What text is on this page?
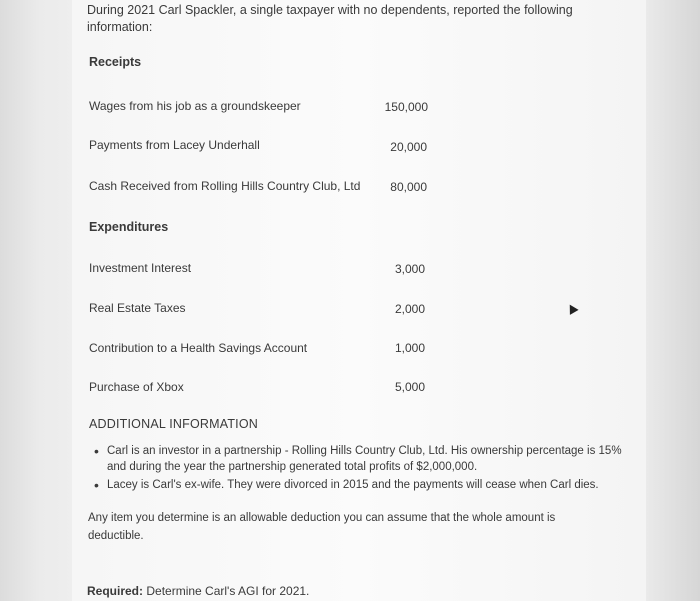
During 2021 Carl Spackler, a single taxpayer with no dependents, reported the following information:
Receipts
Wages from his job as a groundskeeper	150,000
Payments from Lacey Underhall	20,000
Cash Received from Rolling Hills Country Club, Ltd	80,000
Expenditures
Investment Interest	3,000
Real Estate Taxes	2,000
Contribution to a Health Savings Account	1,000
Purchase of Xbox	5,000
ADDITIONAL INFORMATION
• Carl is an investor in a partnership - Rolling Hills Country Club, Ltd. His ownership percentage is 15% and during the year the partnership generated total profits of $2,000,000.
• Lacey is Carl's ex-wife. They were divorced in 2015 and the payments will cease when Carl dies.
Any item you determine is an allowable deduction you can assume that the whole amount is deductible.
Required: Determine Carl's AGI for 2021.
